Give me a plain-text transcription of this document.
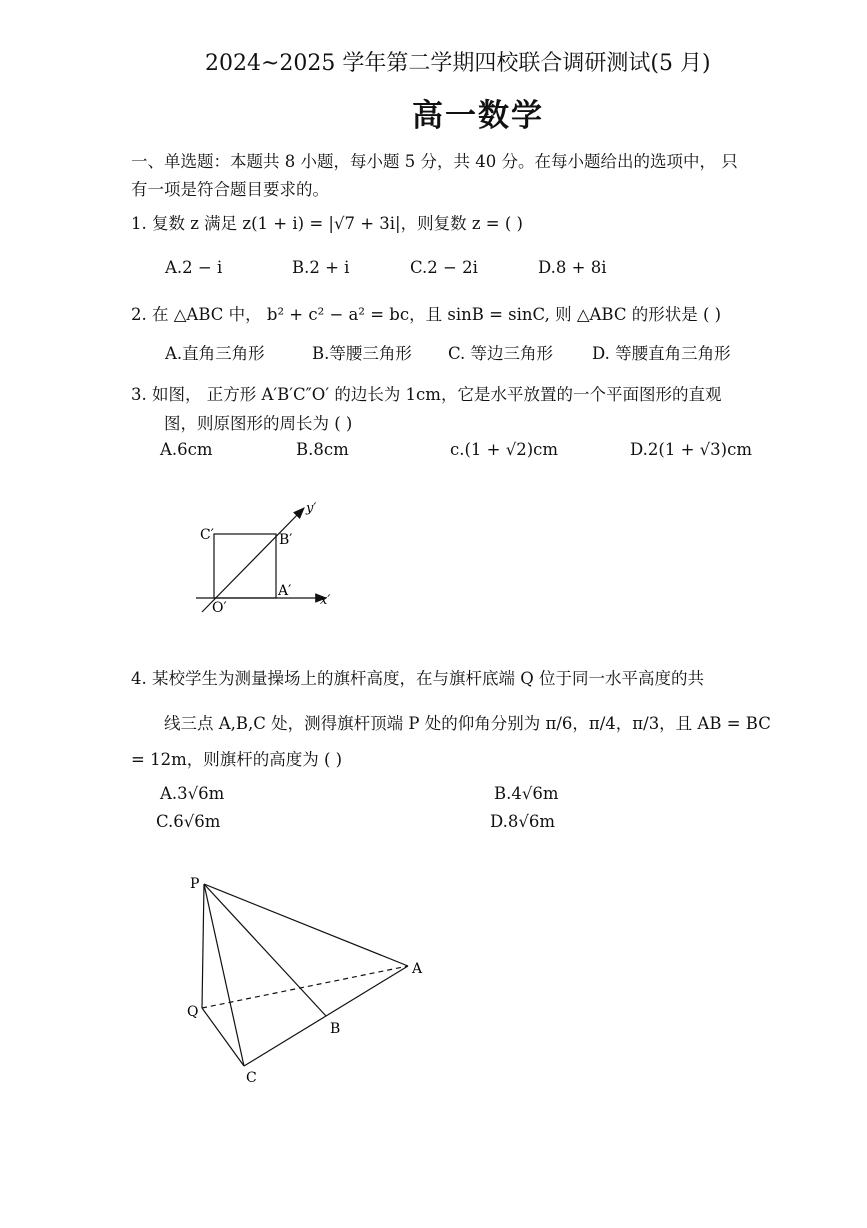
2024~2025 学年第二学期四校联合调研测试(5 月)
高一数学
一、单选题：本题共 8 小题，每小题 5 分，共 40 分。在每小题给出的选项中， 只
有一项是符合题目要求的。
1. 复数 z 满足 z(1 + i) = |√7 + 3i|，则复数 z = ( )
A.2 − i	B.2 + i	C.2 − 2i	D.8 + 8i
2. 在 △ABC 中， b² + c² − a² = bc，且 sinB = sinC, 则 △ABC 的形状是 ( )
A.直角三角形	B.等腰三角形 C. 等边三角形 D. 等腰直角三角形
3. 如图， 正方形 A′B′C″O′ 的边长为 1cm，它是水平放置的一个平面图形的直观
图，则原图形的周长为 ( )
A.6cm	B.8cm	c.(1 + √2)cm	D.2(1 + √3)cm
C′	B′
A′
O′	x′
y′
4. 某校学生为测量操场上的旗杆高度，在与旗杆底端 Q 位于同一水平高度的共
线三点 A,B,C 处，测得旗杆顶端 P 处的仰角分别为 π/6，π/4，π/3，且 AB = BC
= 12m，则旗杆的高度为 ( )
A.3√6m	B.4√6m
C.6√6m	D.8√6m
P
Q
A
B
C
